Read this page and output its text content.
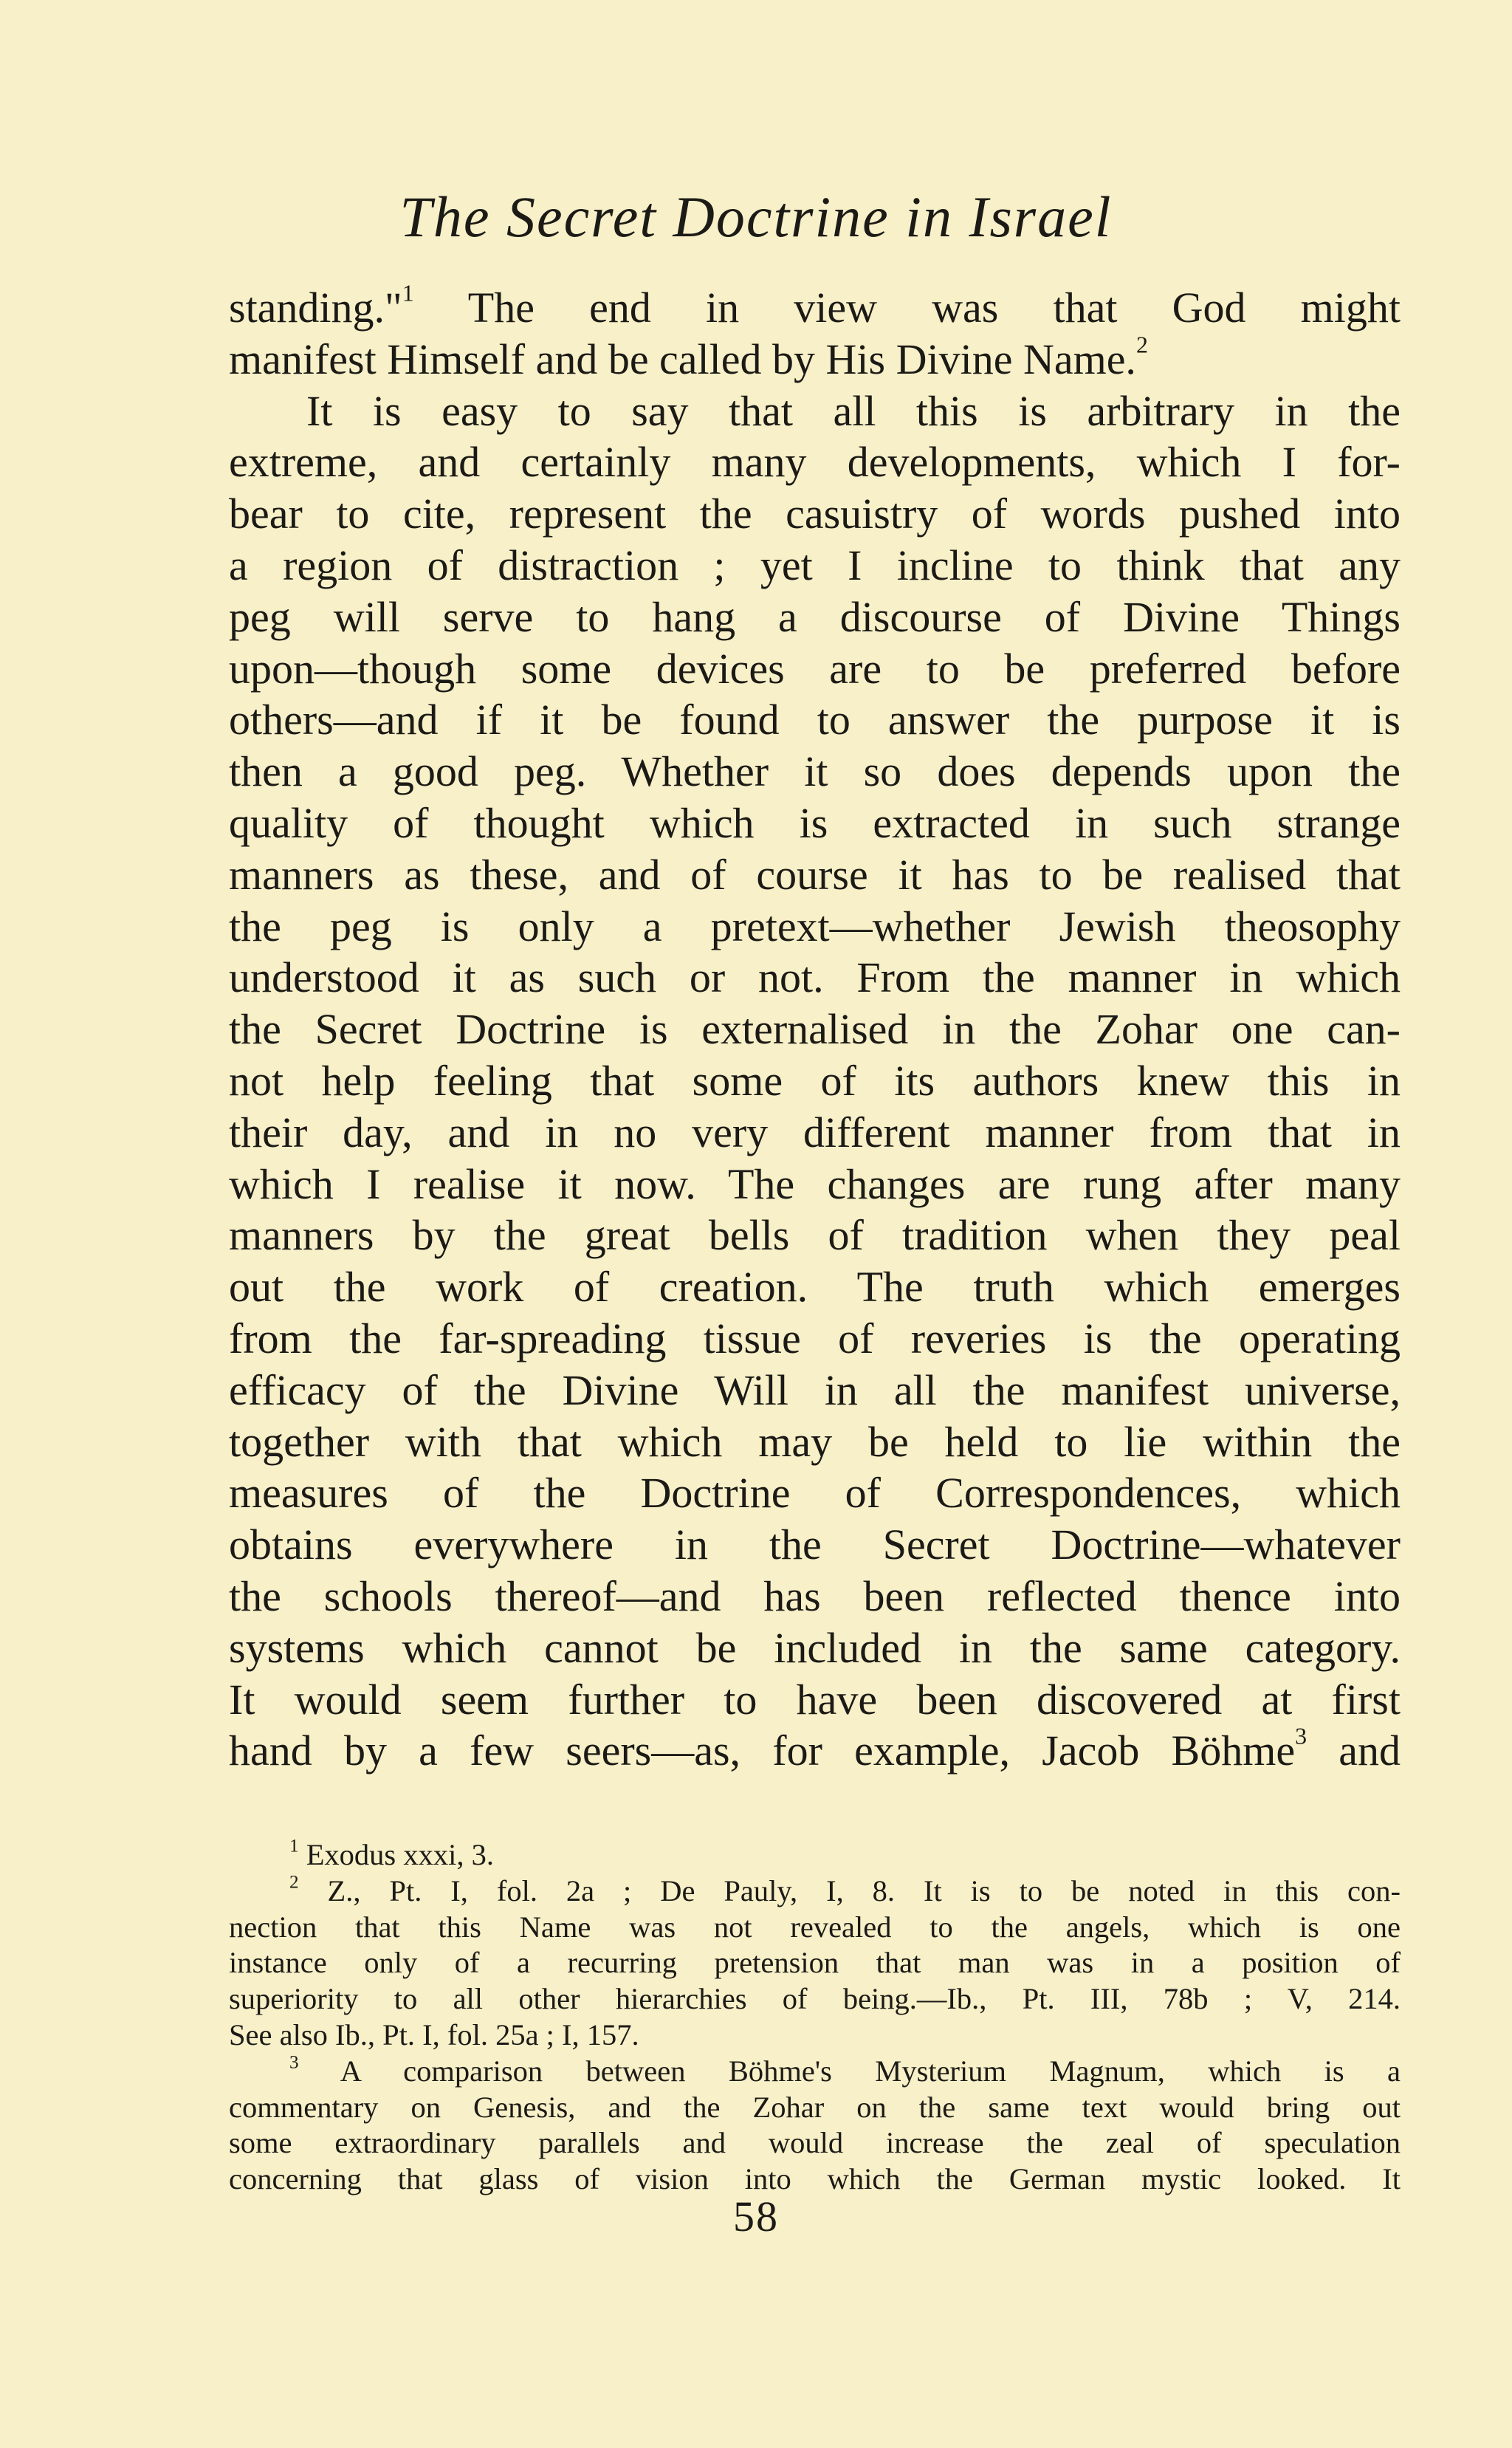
The Secret Doctrine in Israel
standing."$^1$ The end in view was that God might
manifest Himself and be called by His Divine Name.$^2$
It is easy to say that all this is arbitrary in the
extreme, and certainly many developments, which I for-
bear to cite, represent the casuistry of words pushed into
a region of distraction ; yet I incline to think that any
peg will serve to hang a discourse of Divine Things
upon—though some devices are to be preferred before
others—and if it be found to answer the purpose it is
then a good peg. Whether it so does depends upon the
quality of thought which is extracted in such strange
manners as these, and of course it has to be realised that
the peg is only a pretext—whether Jewish theosophy
understood it as such or not. From the manner in which
the Secret Doctrine is externalised in the Zohar one can-
not help feeling that some of its authors knew this in
their day, and in no very different manner from that in
which I realise it now. The changes are rung after many
manners by the great bells of tradition when they peal
out the work of creation. The truth which emerges
from the far-spreading tissue of reveries is the operating
efficacy of the Divine Will in all the manifest universe,
together with that which may be held to lie within the
measures of the Doctrine of Correspondences, which
obtains everywhere in the Secret Doctrine—whatever
the schools thereof—and has been reflected thence into
systems which cannot be included in the same category.
It would seem further to have been discovered at first
hand by a few seers—as, for example, Jacob Böhme$^3$ and
$^1$ Exodus xxxi, 3.
$^2$ Z., Pt. I, fol. 2a ; De Pauly, I, 8. It is to be noted in this con-
nection that this Name was not revealed to the angels, which is one
instance only of a recurring pretension that man was in a position of
superiority to all other hierarchies of being.—Ib., Pt. III, 78b ; V, 214.
See also Ib., Pt. I, fol. 25a ; I, 157.
$^3$ A comparison between Böhme's Mysterium Magnum, which is a
commentary on Genesis, and the Zohar on the same text would bring out
some extraordinary parallels and would increase the zeal of speculation
concerning that glass of vision into which the German mystic looked. It
58
